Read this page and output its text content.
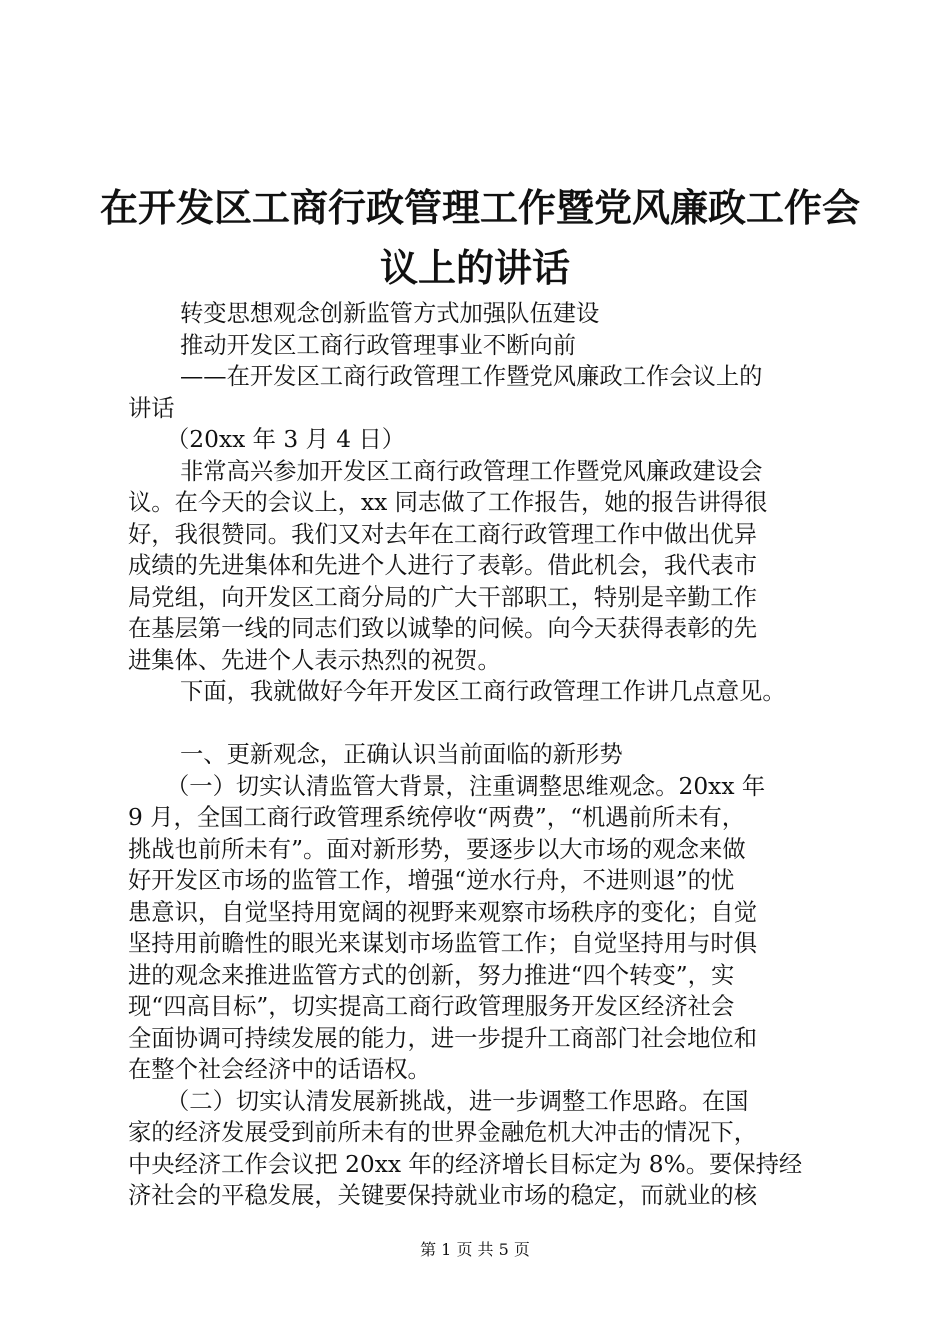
在开发区工商行政管理工作暨党风廉政工作会
议上的讲话
转变思想观念创新监管方式加强队伍建设
推动开发区工商行政管理事业不断向前
——在开发区工商行政管理工作暨党风廉政工作会议上的
讲话
（20xx 年 3 月 4 日）
非常高兴参加开发区工商行政管理工作暨党风廉政建设会
议。在今天的会议上，xx 同志做了工作报告，她的报告讲得很
好，我很赞同。我们又对去年在工商行政管理工作中做出优异
成绩的先进集体和先进个人进行了表彰。借此机会，我代表市
局党组，向开发区工商分局的广大干部职工，特别是辛勤工作
在基层第一线的同志们致以诚挚的问候。向今天获得表彰的先
进集体、先进个人表示热烈的祝贺。
下面，我就做好今年开发区工商行政管理工作讲几点意见。
一、更新观念，正确认识当前面临的新形势
（一）切实认清监管大背景，注重调整思维观念。20xx 年
9 月，全国工商行政管理系统停收“两费”，“机遇前所未有，
挑战也前所未有”。面对新形势，要逐步以大市场的观念来做
好开发区市场的监管工作，增强“逆水行舟，不进则退”的忧
患意识，自觉坚持用宽阔的视野来观察市场秩序的变化；自觉
坚持用前瞻性的眼光来谋划市场监管工作；自觉坚持用与时俱
进的观念来推进监管方式的创新，努力推进“四个转变”，实
现“四高目标”，切实提高工商行政管理服务开发区经济社会
全面协调可持续发展的能力，进一步提升工商部门社会地位和
在整个社会经济中的话语权。
（二）切实认清发展新挑战，进一步调整工作思路。在国
家的经济发展受到前所未有的世界金融危机大冲击的情况下，
中央经济工作会议把 20xx 年的经济增长目标定为 8%。要保持经
济社会的平稳发展，关键要保持就业市场的稳定，而就业的核
第 1 页 共 5 页
